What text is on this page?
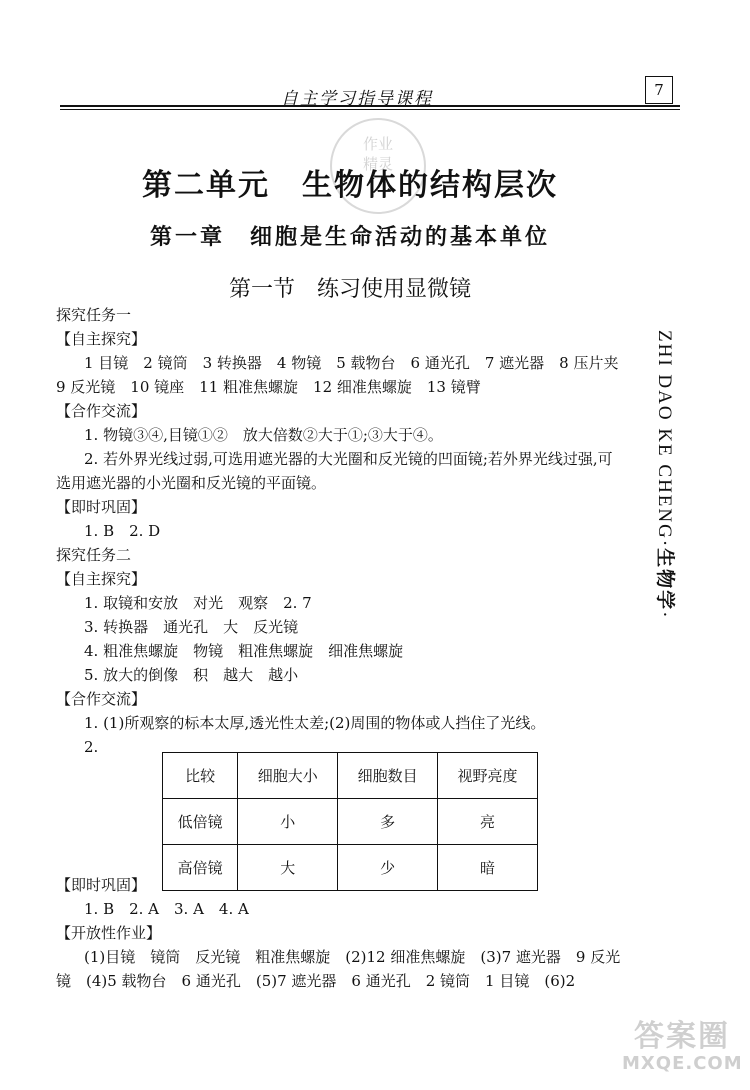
自主学习指导课程	7
作业
精灵
第二单元　生物体的结构层次
第一章　细胞是生命活动的基本单位
第一节　练习使用显微镜
ZHI DAO KE CHENG·生物学·
探究任务一
【自主探究】
1 目镜　2 镜筒　3 转换器　4 物镜　5 载物台　6 通光孔　7 遮光器　8 压片夹
9 反光镜　10 镜座　11 粗准焦螺旋　12 细准焦螺旋　13 镜臂
【合作交流】
1. 物镜③④,目镜①②　放大倍数②大于①;③大于④。
2. 若外界光线过弱,可选用遮光器的大光圈和反光镜的凹面镜;若外界光线过强,可
选用遮光器的小光圈和反光镜的平面镜。
【即时巩固】
1. B　2. D
探究任务二
【自主探究】
1. 取镜和安放　对光　观察　2. 7
3. 转换器　通光孔　大　反光镜
4. 粗准焦螺旋　物镜　粗准焦螺旋　细准焦螺旋
5. 放大的倒像　积　越大　越小
【合作交流】
1. (1)所观察的标本太厚,透光性太差;(2)周围的物体或人挡住了光线。
2.
比较	细胞大小	细胞数目	视野亮度
低倍镜	小	多	亮
高倍镜	大	少	暗
【即时巩固】
1. B　2. A　3. A　4. A
【开放性作业】
(1)目镜　镜筒　反光镜　粗准焦螺旋　(2)12 细准焦螺旋　(3)7 遮光器　9 反光
镜　(4)5 载物台　6 通光孔　(5)7 遮光器　6 通光孔　2 镜筒　1 目镜　(6)2
答案圈
MXQE.COM
